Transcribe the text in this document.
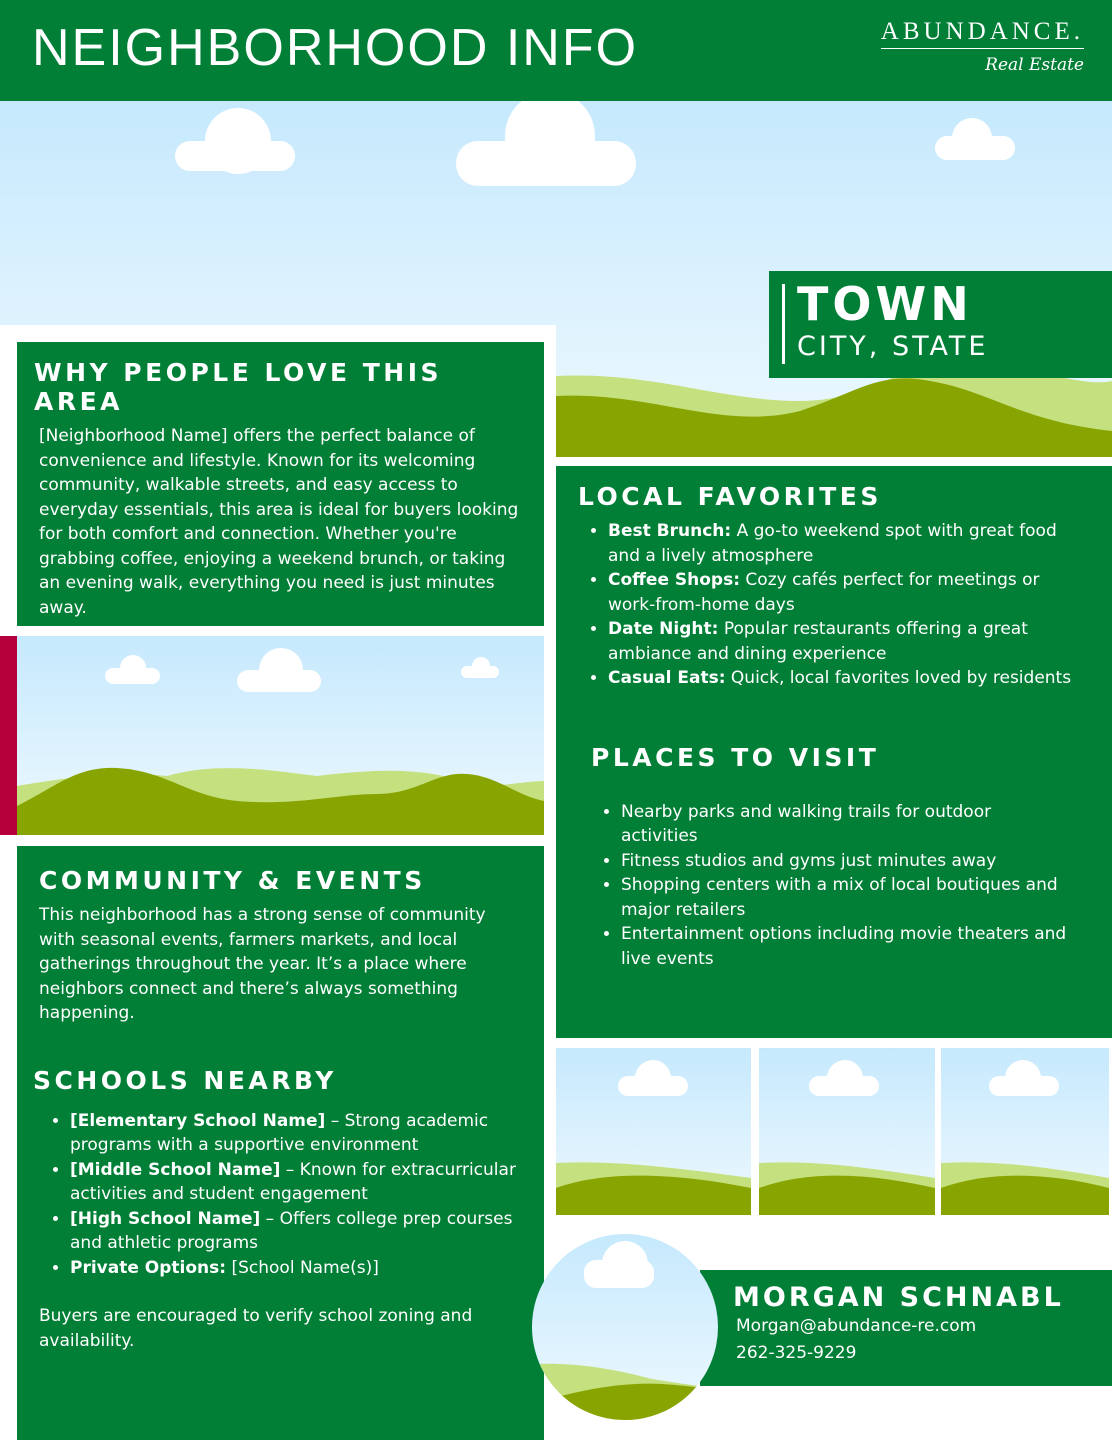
NEIGHBORHOOD INFO	ABUNDANCE.
Real Estate
TOWN
CITY, STATE
WHY PEOPLE LOVE THIS AREA

[Neighborhood Name] offers the perfect balance of convenience and lifestyle. Known for its welcoming community, walkable streets, and easy access to everyday essentials, this area is ideal for buyers looking for both comfort and connection. Whether you're grabbing coffee, enjoying a weekend brunch, or taking an evening walk, everything you need is just minutes away.

COMMUNITY & EVENTS

This neighborhood has a strong sense of community with seasonal events, farmers markets, and local gatherings throughout the year. It’s a place where neighbors connect and there’s always something happening.

SCHOOLS NEARBY
• [Elementary School Name] – Strong academic programs with a supportive environment
• [Middle School Name] – Known for extracurricular activities and student engagement
• [High School Name] – Offers college prep courses and athletic programs
• Private Options: [School Name(s)]

Buyers are encouraged to verify school zoning and availability.

LOCAL FAVORITES
• Best Brunch: A go-to weekend spot with great food and a lively atmosphere
• Coffee Shops: Cozy cafés perfect for meetings or work-from-home days
• Date Night: Popular restaurants offering a great ambiance and dining experience
• Casual Eats: Quick, local favorites loved by residents
PLACES TO VISIT
• Nearby parks and walking trails for outdoor activities
• Fitness studios and gyms just minutes away
• Shopping centers with a mix of local boutiques and major retailers
• Entertainment options including movie theaters and live events
MORGAN SCHNABL
Morgan@abundance-re.com
262-325-9229
